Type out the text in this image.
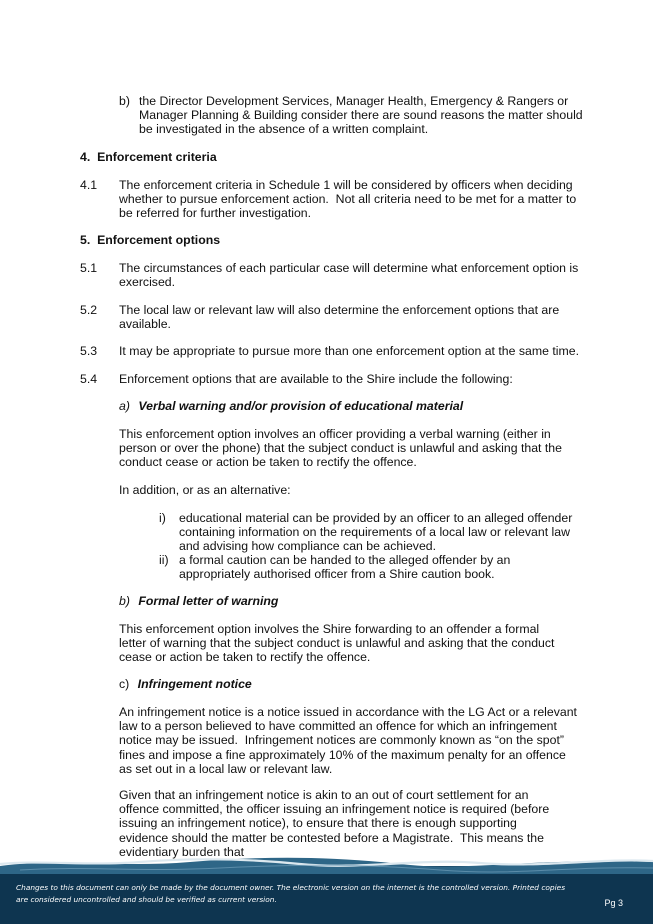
b) the Director Development Services, Manager Health, Emergency & Rangers or Manager Planning & Building consider there are sound reasons the matter should be investigated in the absence of a written complaint.

4.  Enforcement criteria
4.1	The enforcement criteria in Schedule 1 will be considered by officers when deciding whether to pursue enforcement action.  Not all criteria need to be met for a matter to be referred for further investigation.

5.  Enforcement options
5.1	The circumstances of each particular case will determine what enforcement option is exercised.

5.2	The local law or relevant law will also determine the enforcement options that are available.

5.3	It may be appropriate to pursue more than one enforcement option at the same time.

5.4	Enforcement options that are available to the Shire include the following:

a) Verbal warning and/or provision of educational material

This enforcement option involves an officer providing a verbal warning (either in person or over the phone) that the subject conduct is unlawful and asking that the conduct cease or action be taken to rectify the offence.

In addition, or as an alternative:

i) educational material can be provided by an officer to an alleged offender containing information on the requirements of a local law or relevant law and advising how compliance can be achieved.

ii) a formal caution can be handed to the alleged offender by an appropriately authorised officer from a Shire caution book.

b) Formal letter of warning

This enforcement option involves the Shire forwarding to an offender a formal letter of warning that the subject conduct is unlawful and asking that the conduct cease or action be taken to rectify the offence.

c) Infringement notice

An infringement notice is a notice issued in accordance with the LG Act or a relevant law to a person believed to have committed an offence for which an infringement notice may be issued.  Infringement notices are commonly known as “on the spot” fines and impose a fine approximately 10% of the maximum penalty for an offence as set out in a local law or relevant law.

Given that an infringement notice is akin to an out of court settlement for an offence committed, the officer issuing an infringement notice is required (before issuing an infringement notice), to ensure that there is enough supporting evidence should the matter be contested before a Magistrate.  This means the evidentiary burden that

Changes to this document can only be made by the document owner. The electronic version on the internet is the controlled version. Printed copies
are considered uncontrolled and should be verified as current version.	Pg 3
